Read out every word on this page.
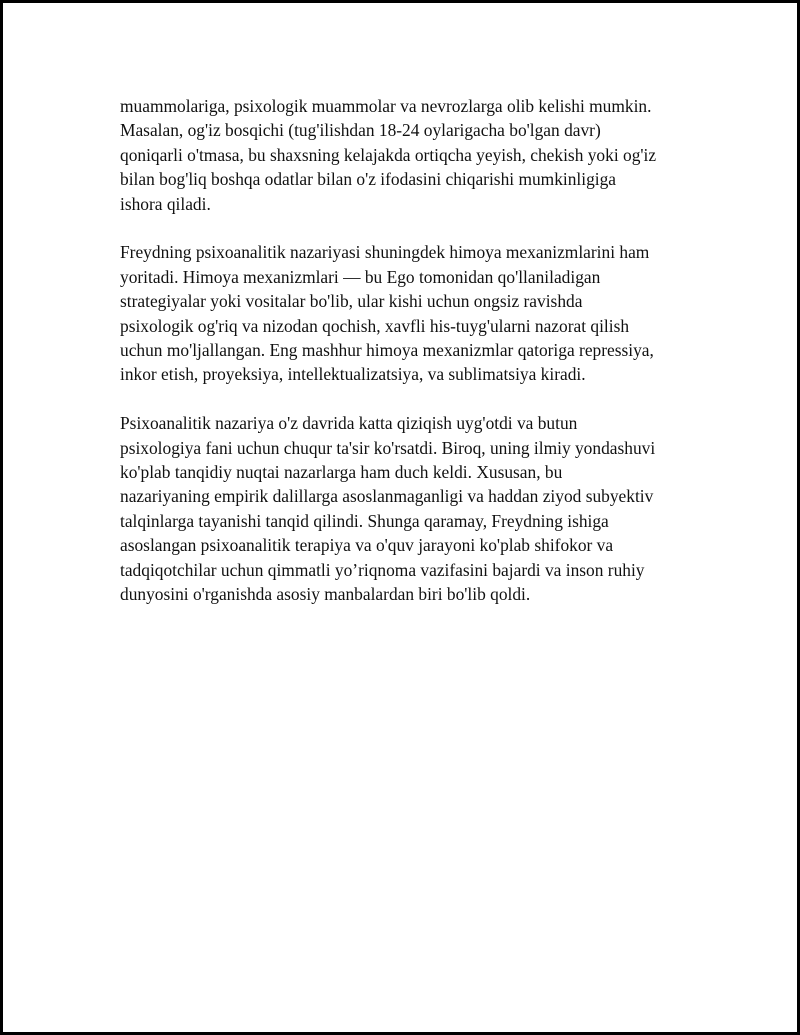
muammolariga, psixologik muammolar va nevrozlarga olib kelishi mumkin.
Masalan, og'iz bosqichi (tug'ilishdan 18-24 oylarigacha bo'lgan davr)
qoniqarli o'tmasa, bu shaxsning kelajakda ortiqcha yeyish, chekish yoki og'iz
bilan bog'liq boshqa odatlar bilan o'z ifodasini chiqarishi mumkinligiga
ishora qiladi.

Freydning psixoanalitik nazariyasi shuningdek himoya mexanizmlarini ham
yoritadi. Himoya mexanizmlari — bu Ego tomonidan qo'llaniladigan
strategiyalar yoki vositalar bo'lib, ular kishi uchun ongsiz ravishda
psixologik og'riq va nizodan qochish, xavfli his-tuyg'ularni nazorat qilish
uchun mo'ljallangan. Eng mashhur himoya mexanizmlar qatoriga repressiya,
inkor etish, proyeksiya, intellektualizatsiya, va sublimatsiya kiradi.

Psixoanalitik nazariya o'z davrida katta qiziqish uyg'otdi va butun
psixologiya fani uchun chuqur ta'sir ko'rsatdi. Biroq, uning ilmiy yondashuvi
ko'plab tanqidiy nuqtai nazarlarga ham duch keldi. Xususan, bu
nazariyaning empirik dalillarga asoslanmaganligi va haddan ziyod subyektiv
talqinlarga tayanishi tanqid qilindi. Shunga qaramay, Freydning ishiga
asoslangan psixoanalitik terapiya va o'quv jarayoni ko'plab shifokor va
tadqiqotchilar uchun qimmatli yo’riqnoma vazifasini bajardi va inson ruhiy
dunyosini o'rganishda asosiy manbalardan biri bo'lib qoldi.
